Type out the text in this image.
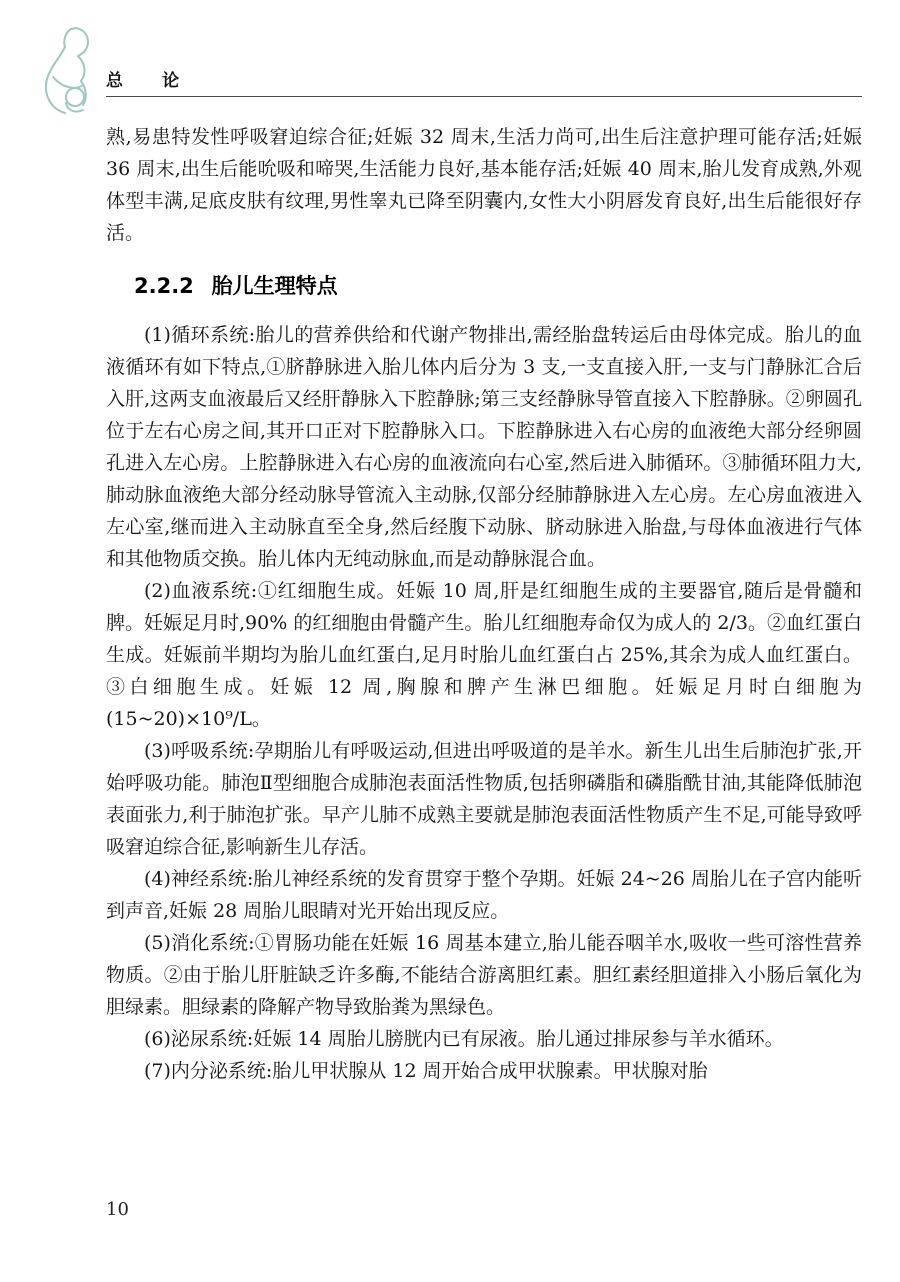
总论

熟,易患特发性呼吸窘迫综合征;妊娠 32 周末,生活力尚可,出生后注意护理可能存活;妊娠 36 周末,出生后能吮吸和啼哭,生活能力良好,基本能存活;妊娠 40 周末,胎儿发育成熟,外观体型丰满,足底皮肤有纹理,男性睾丸已降至阴囊内,女性大小阴唇发育良好,出生后能很好存活。

2.2.2 胎儿生理特点

(1)循环系统:胎儿的营养供给和代谢产物排出,需经胎盘转运后由母体完成。胎儿的血液循环有如下特点,①脐静脉进入胎儿体内后分为 3 支,一支直接入肝,一支与门静脉汇合后入肝,这两支血液最后又经肝静脉入下腔静脉;第三支经静脉导管直接入下腔静脉。②卵圆孔位于左右心房之间,其开口正对下腔静脉入口。下腔静脉进入右心房的血液绝大部分经卵圆孔进入左心房。上腔静脉进入右心房的血液流向右心室,然后进入肺循环。③肺循环阻力大,肺动脉血液绝大部分经动脉导管流入主动脉,仅部分经肺静脉进入左心房。左心房血液进入左心室,继而进入主动脉直至全身,然后经腹下动脉、脐动脉进入胎盘,与母体血液进行气体和其他物质交换。胎儿体内无纯动脉血,而是动静脉混合血。

(2)血液系统:①红细胞生成。妊娠 10 周,肝是红细胞生成的主要器官,随后是骨髓和脾。妊娠足月时,90% 的红细胞由骨髓产生。胎儿红细胞寿命仅为成人的 2/3。②血红蛋白生成。妊娠前半期均为胎儿血红蛋白,足月时胎儿血红蛋白占 25%,其余为成人血红蛋白。③白细胞生成。妊娠 12 周,胸腺和脾产生淋巴细胞。妊娠足月时白细胞为(15~20)×10⁹/L。

(3)呼吸系统:孕期胎儿有呼吸运动,但进出呼吸道的是羊水。新生儿出生后肺泡扩张,开始呼吸功能。肺泡Ⅱ型细胞合成肺泡表面活性物质,包括卵磷脂和磷脂酰甘油,其能降低肺泡表面张力,利于肺泡扩张。早产儿肺不成熟主要就是肺泡表面活性物质产生不足,可能导致呼吸窘迫综合征,影响新生儿存活。

(4)神经系统:胎儿神经系统的发育贯穿于整个孕期。妊娠 24~26 周胎儿在子宫内能听到声音,妊娠 28 周胎儿眼睛对光开始出现反应。

(5)消化系统:①胃肠功能在妊娠 16 周基本建立,胎儿能吞咽羊水,吸收一些可溶性营养物质。②由于胎儿肝脏缺乏许多酶,不能结合游离胆红素。胆红素经胆道排入小肠后氧化为胆绿素。胆绿素的降解产物导致胎粪为黑绿色。

(6)泌尿系统:妊娠 14 周胎儿膀胱内已有尿液。胎儿通过排尿参与羊水循环。

(7)内分泌系统:胎儿甲状腺从 12 周开始合成甲状腺素。甲状腺对胎

10
